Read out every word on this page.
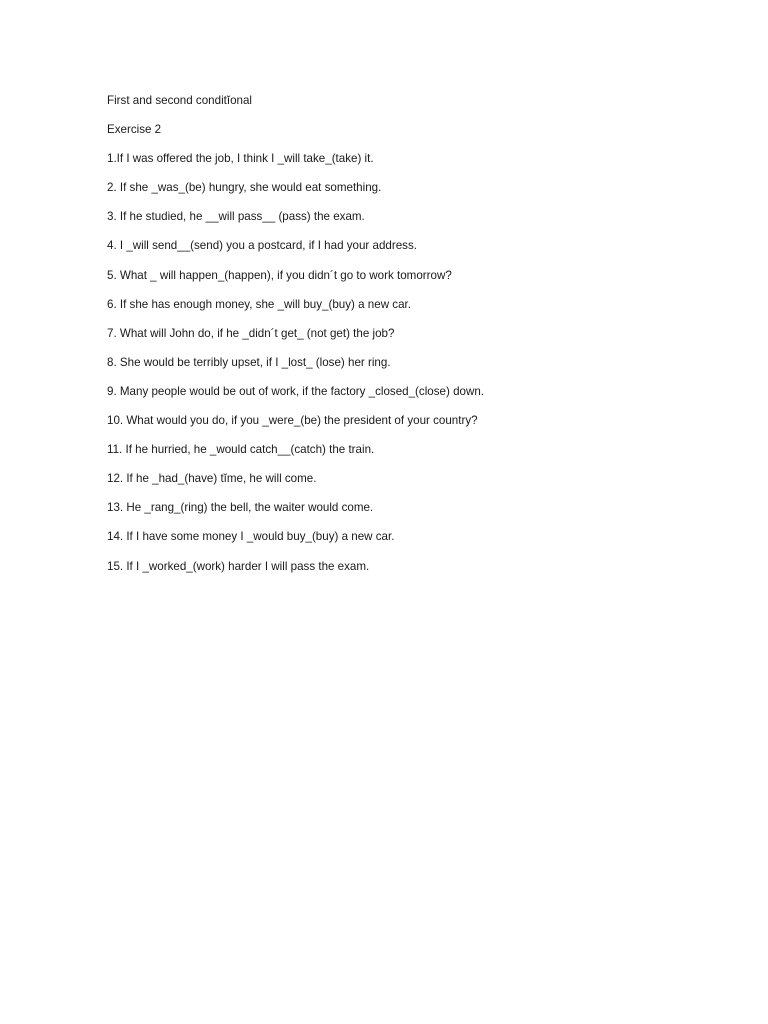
First and second conditĭonal
Exercise 2
1.If I was offered the job, I think I _will take_(take) it.
2. If she _was_(be) hungry, she would eat something.
3. If he studied, he __will pass__ (pass) the exam.
4. I _will send__(send) you a postcard, if I had your address.
5. What _ will happen_(happen), if you didn´t go to work tomorrow?
6. If she has enough money, she _will buy_(buy) a new car.
7. What will John do, if he _didn´t get_ (not get) the job?
8. She would be terribly upset, if I _lost_ (lose) her ring.
9. Many people would be out of work, if the factory _closed_(close) down.
10. What would you do, if you _were_(be) the president of your country?
11. If he hurried, he _would catch__(catch) the train.
12. If he _had_(have) tĭme, he will come.
13. He _rang_(ring) the bell, the waiter would come.
14. If I have some money I _would buy_(buy) a new car.
15. If I _worked_(work) harder I will pass the exam.
